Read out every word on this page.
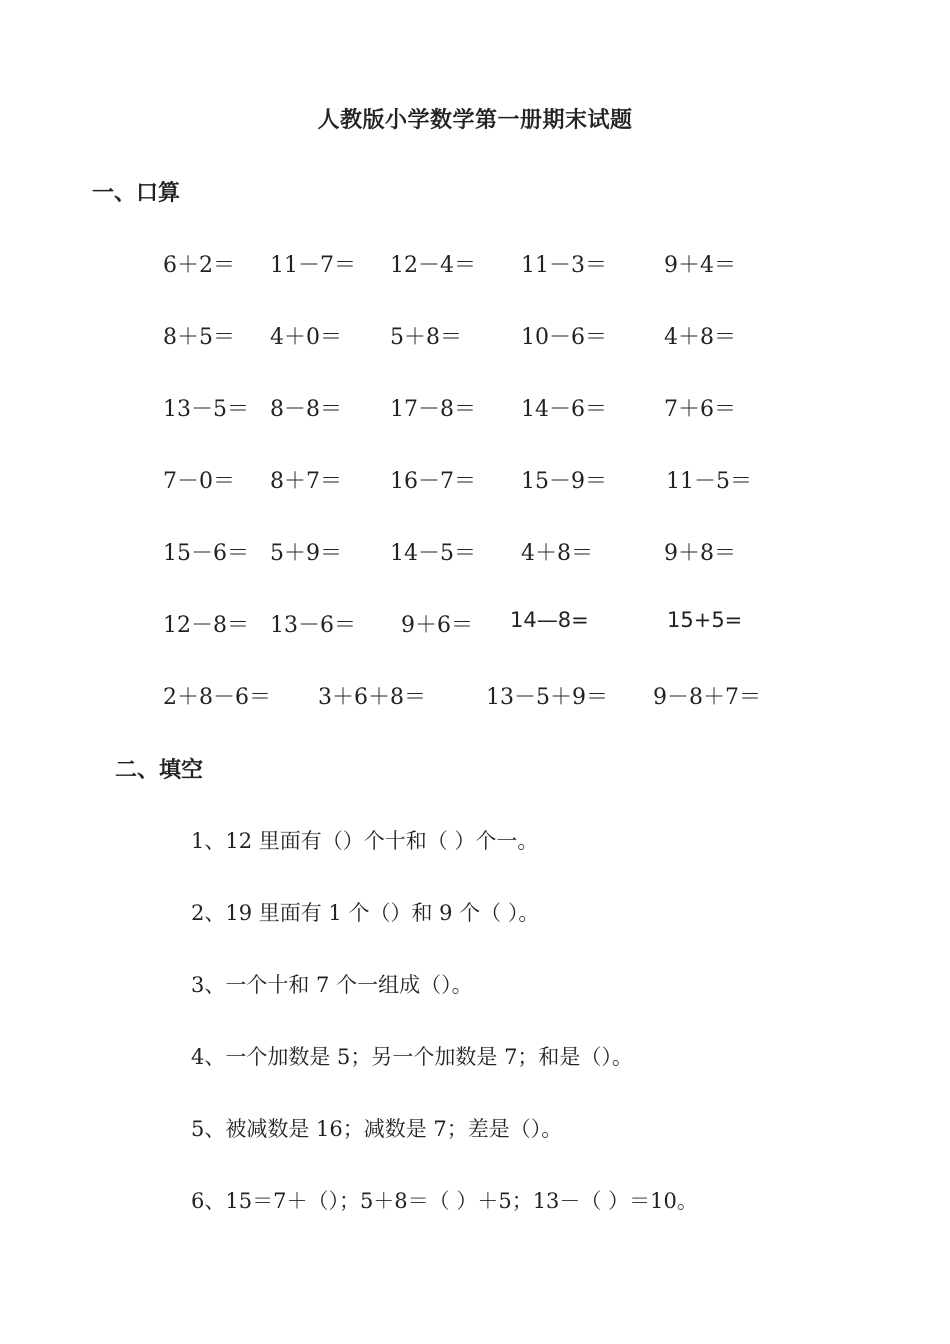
人教版小学数学第一册期末试题
一、口算
6＋2＝ 11－7＝ 12－4＝ 11－3＝	9＋4＝
8＋5＝ 4＋0＝ 5＋8＝	10－6＝	4＋8＝
13－5＝ 8－8＝ 17－8＝ 14－6＝	7＋6＝
7－0＝ 8＋7＝ 16－7＝ 15－9＝	11－5＝
15－6＝ 5＋9＝ 14－5＝ 4＋8＝	9＋8＝
12－8＝ 13－6＝ 9＋6＝ 14—8=	15+5=
2＋8－6＝ 3＋6＋8＝	13－5＋9＝ 9－8＋7＝
二、填空
1、12 里面有（）个十和（ ）个一。
2、19 里面有 1 个（）和 9 个（ ）。
3、一个十和 7 个一组成（）。
4、一个加数是 5；另一个加数是 7；和是（）。
5、被减数是 16；减数是 7；差是（）。
6、15＝7＋（）；5＋8＝（ ）＋5；13－（ ）＝10。
